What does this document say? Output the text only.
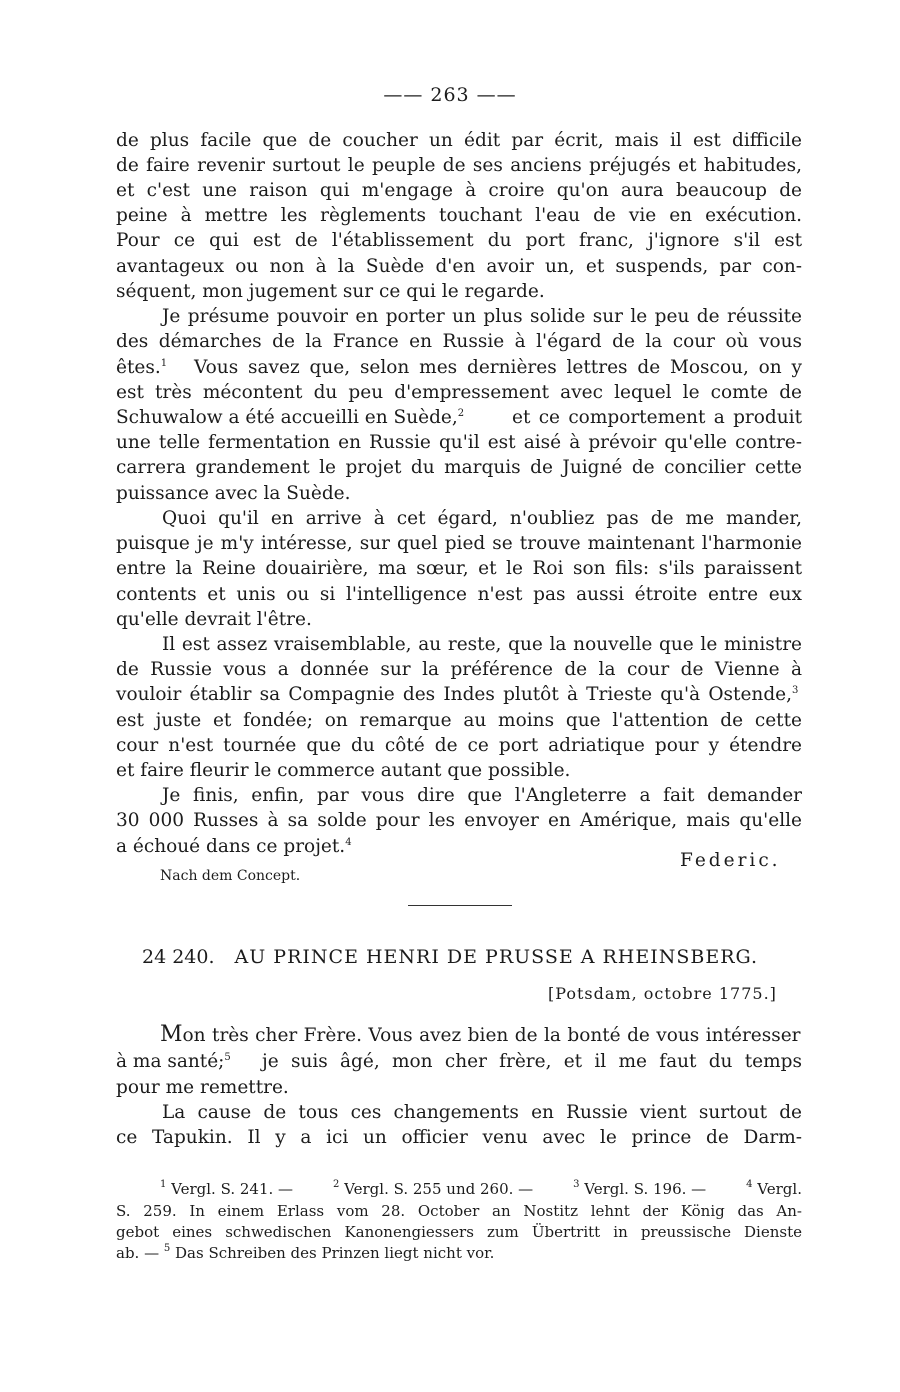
—— 263 ——
de plus facile que de coucher un édit par écrit, mais il est difficile
de faire revenir surtout le peuple de ses anciens préjugés et habitudes,
et c'est une raison qui m'engage à croire qu'on aura beaucoup de
peine à mettre les règlements touchant l'eau de vie en exécution.
Pour ce qui est de l'établissement du port franc, j'ignore s'il est
avantageux ou non à la Suède d'en avoir un, et suspends, par con-
séquent, mon jugement sur ce qui le regarde.
Je présume pouvoir en porter un plus solide sur le peu de réussite
des démarches de la France en Russie à l'égard de la cour où vous
êtes.$^1$ Vous savez que, selon mes dernières lettres de Moscou, on y
est très mécontent du peu d'empressement avec lequel le comte de
Schuwalow a été accueilli en Suède,$^2$	et ce comportement a produit
une telle fermentation en Russie qu'il est aisé à prévoir qu'elle contre-
carrera grandement le projet du marquis de Juigné de concilier cette
puissance avec la Suède.
Quoi qu'il en arrive à cet égard, n'oubliez pas de me mander,
puisque je m'y intéresse, sur quel pied se trouve maintenant l'harmonie
entre la Reine douairière, ma sœur, et le Roi son fils: s'ils paraissent
contents et unis ou si l'intelligence n'est pas aussi étroite entre eux
qu'elle devrait l'être.
Il est assez vraisemblable, au reste, que la nouvelle que le ministre
de Russie vous a donnée sur la préférence de la cour de Vienne à
vouloir établir sa Compagnie des Indes plutôt à Trieste qu'à Ostende,$^3$
est juste et fondée; on remarque au moins que l'attention de cette
cour n'est tournée que du côté de ce port adriatique pour y étendre
et faire fleurir le commerce autant que possible.
Je finis, enfin, par vous dire que l'Angleterre a fait demander
30 000 Russes à sa solde pour les envoyer en Amérique, mais qu'elle
a échoué dans ce projet.$^4$
Federic.
Nach dem Concept.
24 240. AU PRINCE HENRI DE PRUSSE A RHEINSBERG.
[Potsdam, octobre 1775.]
Mon très cher Frère. Vous avez bien de la bonté de vous intéresser
à ma santé;$^5$ je suis âgé, mon cher frère, et il me faut du temps
pour me remettre.
La cause de tous ces changements en Russie vient surtout de
ce Tapukin. Il y a ici un officier venu avec le prince de Darm-
$^1$ Vergl. S. 241. —	$^2$ Vergl. S. 255 und 260. —	$^3$ Vergl. S. 196. —	$^4$ Vergl.
S. 259. In einem Erlass vom 28. October an Nostitz lehnt der König das An-
gebot eines schwedischen Kanonengiessers zum Übertritt in preussische Dienste
ab. — $^5$ Das Schreiben des Prinzen liegt nicht vor.
